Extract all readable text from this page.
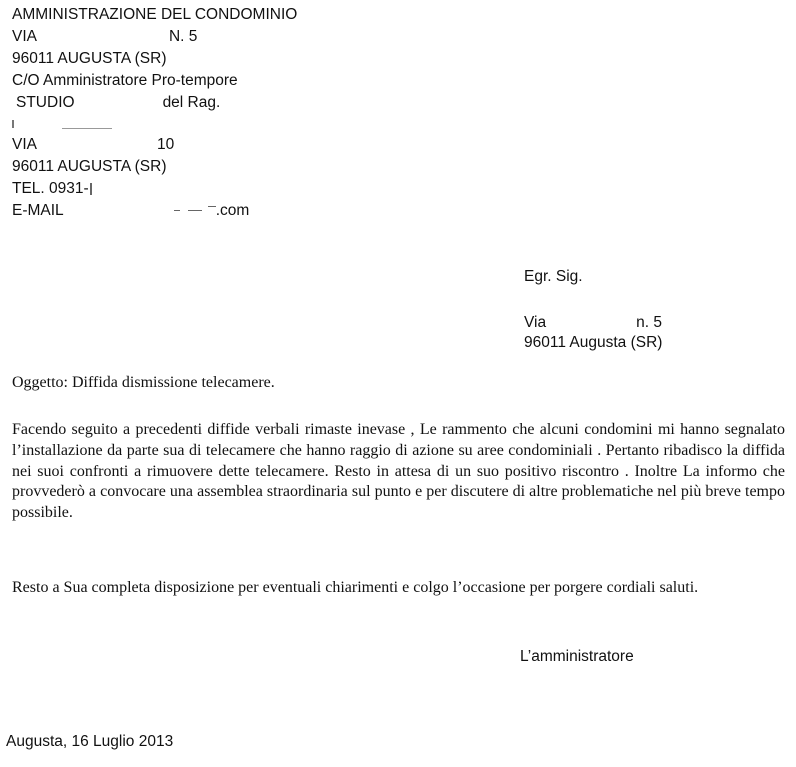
AMMINISTRAZIONE DEL CONDOMINIO
VIA	N. 5
96011 AUGUSTA (SR)
C/O Amministratore Pro-tempore
STUDIO	del Rag.
VIA	10
96011 AUGUSTA (SR)
TEL. 0931-
E-MAIL	.com
Egr. Sig.
Via	n. 5
96011 Augusta (SR)
Oggetto: Diffida dismissione telecamere.
Facendo seguito a precedenti diffide verbali rimaste inevase , Le rammento che alcuni condomini mi hanno segnalato l’installazione da parte sua di telecamere che hanno raggio di azione su aree condominiali . Pertanto ribadisco la diffida nei suoi confronti a rimuovere dette telecamere. Resto in attesa di un suo positivo riscontro . Inoltre La informo che provvederò a convocare una assemblea straordinaria sul punto e per discutere di altre problematiche nel più breve tempo possibile.
Resto a Sua completa disposizione per eventuali chiarimenti e colgo l’occasione per porgere cordiali saluti.
L’amministratore
Augusta, 16 Luglio 2013
